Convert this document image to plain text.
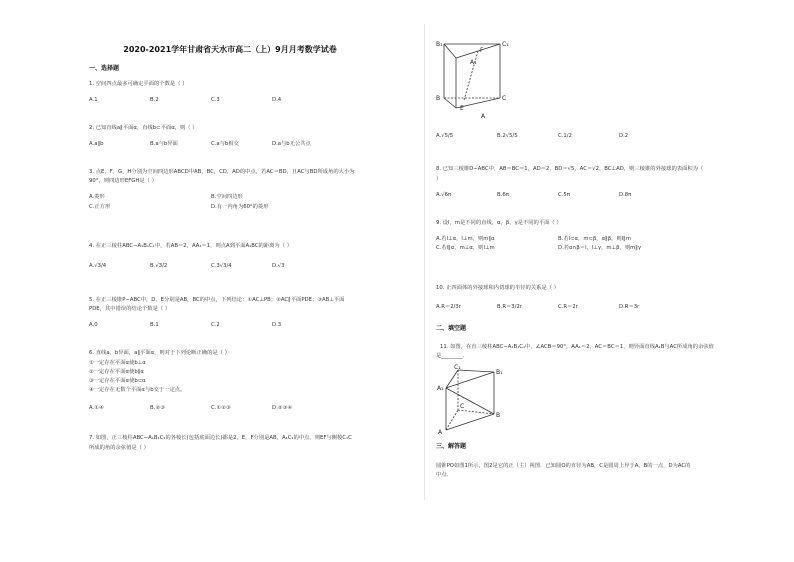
2020-2021学年甘肃省天水市高二（上）9月月考数学试卷
一、选择题
1. 空间四点最多可确定平面的个数是（ ）
A.1	B.2	C.3	D.4
2. 已知直线a∥平面α，直线b⊂平面α，则（ ）
A.a∥b	B.a与b异面	C.a与b相交	D.a与b无公共点
3. 点E，F，G，H分别为空间四边形ABCD中AB，BC，CD，AD的中点，若AC＝BD，且AC与BD所成角的大小为
90°，则四边形EFGH是（ ）
A.菱形	B.空间四边形
C.正方形	D.有一内角为60°的菱形
4. 在正三棱柱ABC−A₁B₁C₁中，若AB＝2，AA₁＝1，则点A到平面A₁BC的距离为（ ）
A.√3/4	B.√3/2	C.3√3/4	D.√3
5. 在正三棱锥P−ABC中，D，E分别是AB，BC的中点，下列结论：①AC⊥PB；②AC∥平面PDE；③AB⊥平面
PDE，其中错误的结论个数是（ ）
A.0	B.1	C.2	D.3
6. 直线a，b异面，a∥平面α，则对于下列论断正确的是（ ）
①一定存在平面α使b⊥α
②一定存在平面α使b∥α
③一定存在平面α使b⊂α
④一定存在无数个平面α与b交于一定点。
A.①④	B.②③	C.①②③	D.②③④
7. 如图，正三棱柱ABC−A₁B₁C₁的各棱长(包括底面边长)都是2，E，F分别是AB，A₁C₁的中点，则EF与侧棱C₁C
所成的角的余弦值是（ ）
B₁	C₁
F
A₁
B	C
E
A
A.√5/5	B.2√5/5	C.1/2	D.2
8. 已知三棱锥D−ABC中，AB＝BC＝1，AD＝2，BD＝√5，AC＝√2，BC⊥AD，则三棱锥的外接球的表面积为（
）
A.√6π	B.6π	C.5π	D.8π
9. 设l，m是不同的直线，α，β，γ是不同的平面（ ）
A.若l⊥α，l⊥m，则m∥α	B.若l⊂α，m⊂β，α∥β，则l∥m
C.若l∥α，m⊥α，则l⊥m	D.若α∩β＝l，l⊥γ，m⊥β，则m∥γ
10. 正四面体的外接球和内切球的半径的关系是（ ）
A.R＝2/3r	B.R＝3/2r	C.R＝2r	D.R＝3r
二、填空题
11. 如图，在直三棱柱ABC−A₁B₁C₁中，∠ACB＝90°，AA₁＝2，AC＝BC＝1，则异面直线A₁B与AC所成角的余弦值
是________．
C₁
B₁
A₁
C
B
A
三、解答题
圆锥PO如图1所示，图2是它的正（主）视图．已知圆O的直径为AB，C是圆周上异于A，B的一点，D为AC的
中点．
